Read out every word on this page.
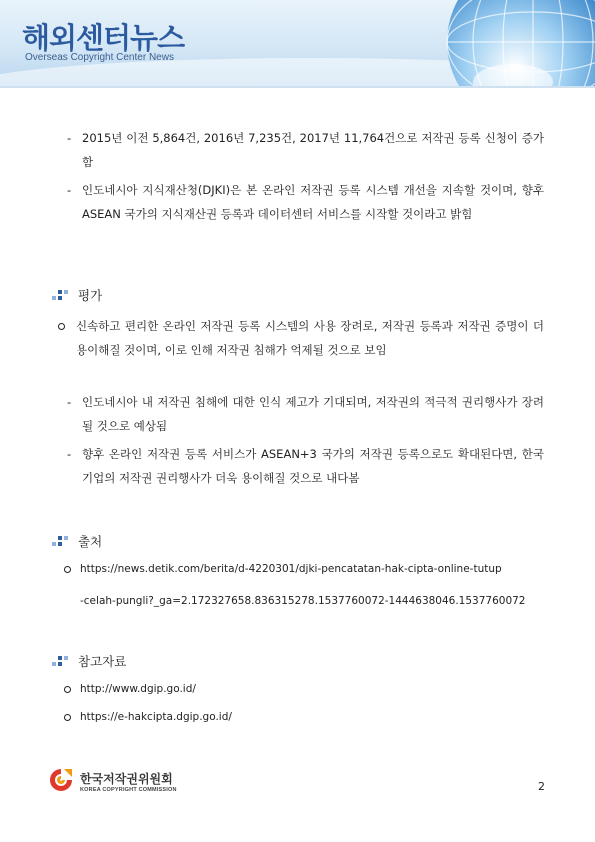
해외센터뉴스
Overseas Copyright Center News
- 2015년 이전 5,864건, 2016년 7,235건, 2017년 11,764건으로 저작권 등록 신청이 증가함
- 인도네시아 지식재산청(DJKI)은 본 온라인 저작권 등록 시스템 개선을 지속할 것이며, 향후 ASEAN 국가의 지식재산권 등록과 데이터센터 서비스를 시작할 것이라고 밝힘
평가
신속하고 편리한 온라인 저작권 등록 시스템의 사용 장려로, 저작권 등록과 저작권 증명이 더 용이해질 것이며, 이로 인해 저작권 침해가 억제될 것으로 보임
- 인도네시아 내 저작권 침해에 대한 인식 제고가 기대되며, 저작권의 적극적 권리행사가 장려될 것으로 예상됨
- 향후 온라인 저작권 등록 서비스가 ASEAN+3 국가의 저작권 등록으로도 확대된다면, 한국 기업의 저작권 권리행사가 더욱 용이해질 것으로 내다봄
출처
https://news.detik.com/berita/d-4220301/djki-pencatatan-hak-cipta-online-tutup
-celah-pungli?_ga=2.172327658.836315278.1537760072-1444638046.1537760072
참고자료
http://www.dgip.go.id/
https://e-hakcipta.dgip.go.id/
한국저작권위원회
KOREA COPYRIGHT COMMISSION	2
